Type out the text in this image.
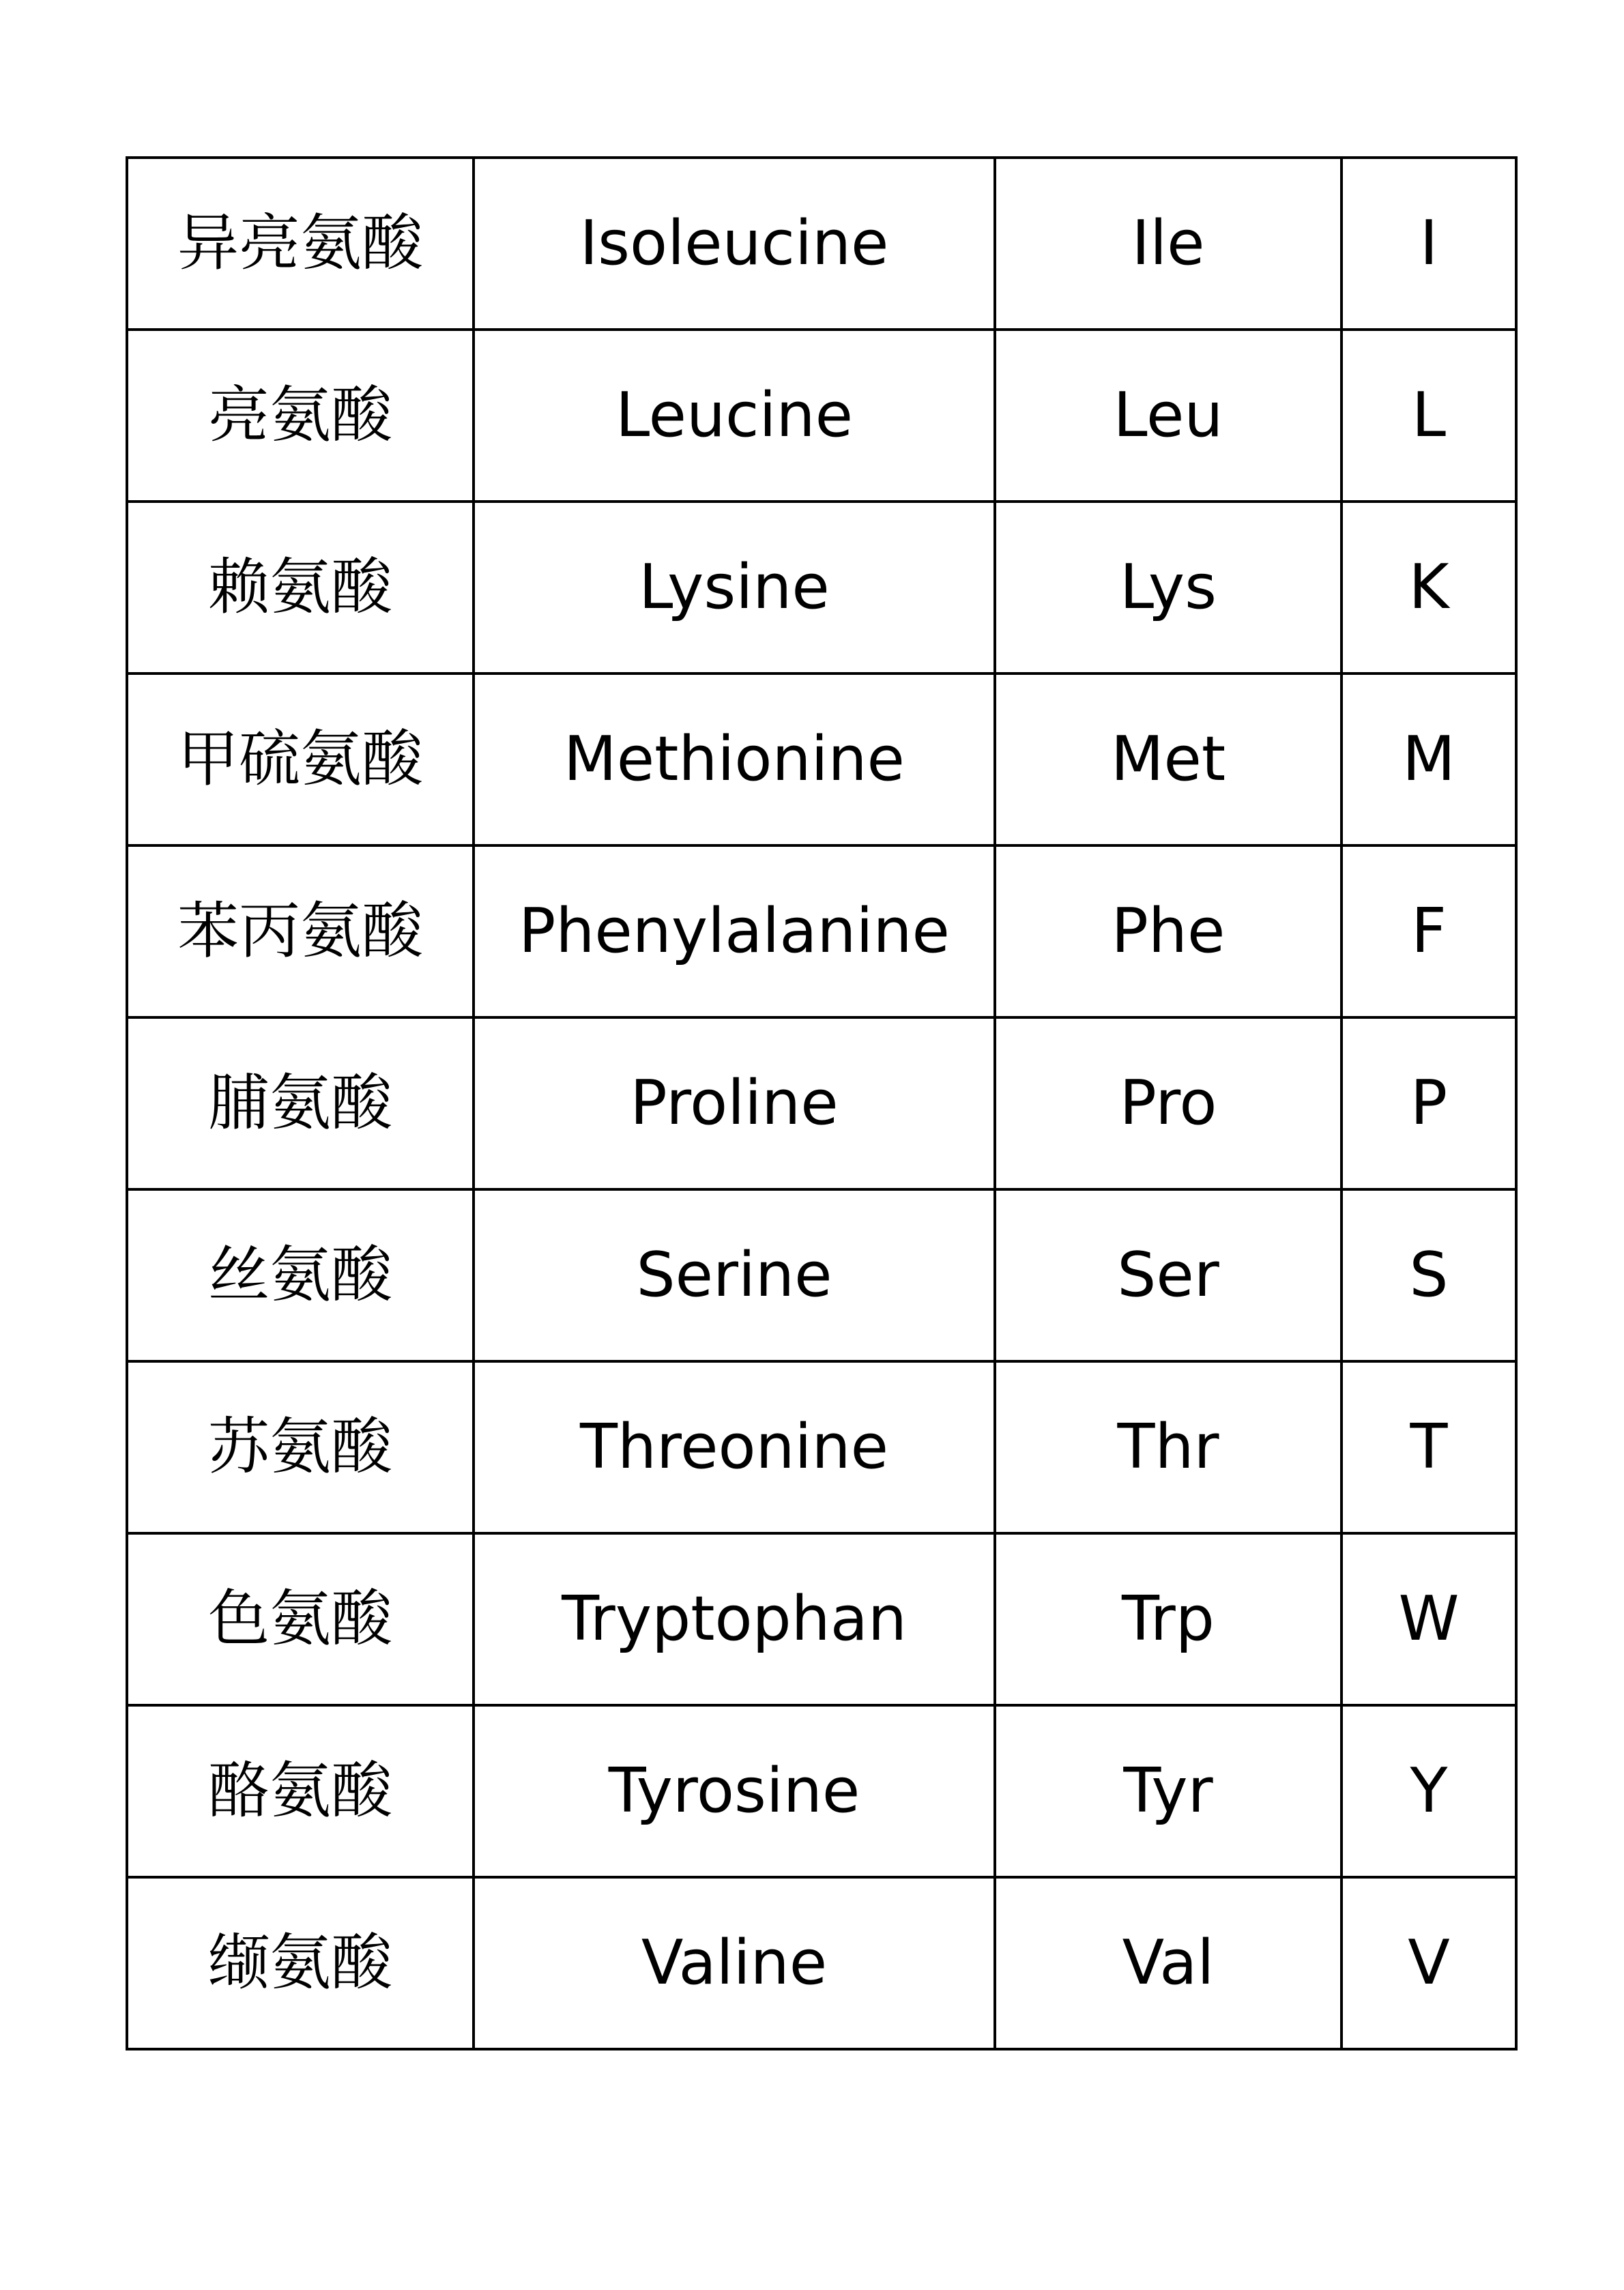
异亮氨酸	Isoleucine	Ile	I
亮氨酸	Leucine	Leu	L
赖氨酸	Lysine	Lys	K
甲硫氨酸	Methionine	Met	M
苯丙氨酸	Phenylalanine	Phe	F
脯氨酸	Proline	Pro	P
丝氨酸	Serine	Ser	S
苏氨酸	Threonine	Thr	T
色氨酸	Tryptophan	Trp	W
酪氨酸	Tyrosine	Tyr	Y
缬氨酸	Valine	Val	V
